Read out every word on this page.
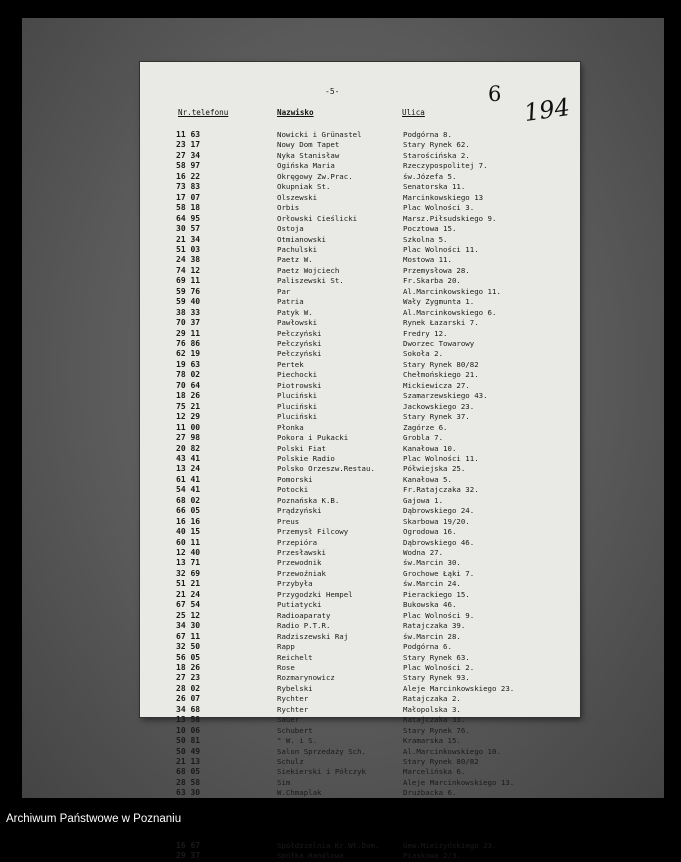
-5-	6 194
Nr.telefonu	Nazwisko	Ulica
11 63	Nowicki i Grünastel	Podgórna 8.
23 17	Nowy Dom Tapet	Stary Rynek 62.
27 34	Nyka Stanisław	Starościńska 2.
58 97	Ogińska Maria	Rzeczypospolitej 7.
16 22	Okręgowy Zw.Prac.	św.Józefa 5.
73 83	Okupniak St.	Senatorska 11.
17 07	Olszewski	Marcinkowskiego 13
58 18	Orbis	Plac Wolności 3.
64 95	Orłowski Cieślicki	Marsz.Piłsudskiego 9.
30 57	Ostoja	Pocztowa 15.
21 34	Otmianowski	Szkolna 5.
51 03	Pachulski	Plac Wolności 11.
24 38	Paetz W.	Mostowa 11.
74 12	Paetz Wojciech	Przemysłowa 28.
69 11	Paliszewski St.	Fr.Skarba 20.
59 76	Par	Al.Marcinkowskiego 11.
59 40	Patria	Wały Zygmunta 1.
38 33	Patyk W.	Al.Marcinkowskiego 6.
70 37	Pawłowski	Rynek Łazarski 7.
29 11	Pełczyński	Fredry 12.
76 86	Pełczyński	Dworzec Towarowy
62 19	Pełczyński	Sokoła 2.
19 63	Pertek	Stary Rynek 80/82
78 02	Piechocki	Chełmońskiego 21.
70 64	Piotrowski	Mickiewicza 27.
18 26	Pluciński	Szamarzewskiego 43.
75 21	Pluciński	Jackowskiego 23.
12 29	Pluciński	Stary Rynek 37.
11 00	Płonka	Zagórze 6.
27 98	Pokora i Pukacki	Grobla 7.
20 82	Polski Fiat	Kanałowa 10.
43 41	Polskie Radio	Plac Wolności 11.
13 24	Polsko Orzeszw.Restau.	Półwiejska 25.
61 41	Pomorski	Kanałowa 5.
54 41	Potocki	Fr.Ratajczaka 32.
68 02	Poznańska K.B.	Gajowa 1.
66 05	Prądzyński	Dąbrowskiego 24.
16 16	Preus	Skarbowa 19/20.
40 15	Przemysł Filcowy	Ogrodowa 16.
60 11	Przepióra	Dąbrowskiego 46.
12 40	Przesławski	Wodna 27.
13 71	Przewodnik	św.Marcin 30.
32 69	Przewoźniak	Grochowe Łąki 7.
51 21	Przybyła	św.Marcin 24.
21 24	Przygodzki Hempel	Pierackiego 15.
67 54	Putiatycki	Bukowska 46.
25 12	Radioaparaty	Plac Wolności 9.
34 30	Radio P.T.R.	Ratajczaka 39.
67 11	Radziszewski Raj	św.Marcin 28.
32 50	Rapp	Podgórna 6.
56 05	Reichelt	Stary Rynek 63.
18 26	Rose	Plac Wolności 2.
27 23	Rozmarynowicz	Stary Rynek 93.
28 02	Rybelski	Aleje Marcinkowskiego 23.
26 07	Rychter	Ratajczaka 2.
34 68	Rychter	Małopolska 3.
13 58	Sauer	Ratajczaka 33.
10 06	Schubert	Stary Rynek 76.
50 81	" W. i S.	Kramarska 15.
50 49	Salon Sprzedaży Sch.	Al.Marcinkowskiego 10.
21 13	Schulz	Stary Rynek 80/82
68 05	Siekierski i Półczyk	Marcelińska 6.
28 58	Sim	Aleje Marcinkowskiego 13.
63 30	W.Chmaplak	Drużbacka 6.
16 67	Spółdzielnia Kr.Wł.Dom.	Gew.Mielżyńskiego 23.
29 37	Spółka Handlowa	Piaskowa 2/3.
Archiwum Państwowe w Poznaniu
